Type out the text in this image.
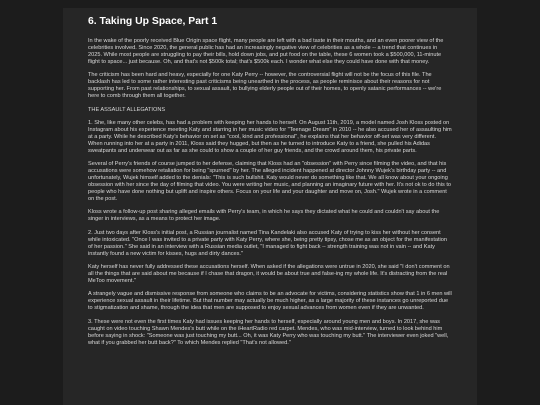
6. Taking Up Space, Part 1

In the wake of the poorly received Blue Origin space flight, many people are left with a bad taste in their mouths, and an even poorer view of the celebrities involved. Since 2020, the general public has had an increasingly negative view of celebrities as a whole -- a trend that continues in 2025. While most people are struggling to pay their bills, hold down jobs, and put food on the table, these 6 women took a $500,000, 11-minute flight to space... just because. Oh, and that's not $500k total; that's $500k each. I wonder what else they could have done with that money.

The criticism has been hard and heavy, especially for one Katy Perry -- however, the controversial flight will not be the focus of this file. The backlash has led to some rather interesting past criticisms being unearthed in the process, as people reminisce about their reasons for not supporting her. From past relationships, to sexual assault, to bullying elderly people out of their homes, to openly satanic performances -- we're here to comb through them all together.

THE ASSAULT ALLEGATIONS

1. She, like many other celebs, has had a problem with keeping her hands to herself. On August 11th, 2019, a model named Josh Kloss posted on Instagram about his experience meeting Katy and starring in her music video for "Teenage Dream" in 2010 -- he also accused her of assaulting him at a party. While he described Katy's behavior on set as "cool, kind and professional", he explains that her behavior off-set was very different. When running into her at a party in 2011, Kloss said they hugged, but then as he turned to introduce Katy to a friend, she pulled his Adidas sweatpants and underwear out as far as she could to show a couple of her guy friends, and the crowd around them, his private parts.

Several of Perry's friends of course jumped to her defense, claiming that Kloss had an "obsession" with Perry since filming the video, and that his accusations were somehow retaliation for being "spurned" by her. The alleged incident happened at director Johnny Wujek's birthday party -- and unfortunately, Wujek himself added to the denials: "This is such bullshit. Katy would never do something like that. We all know about your ongoing obsession with her since the day of filming that video. You were writing her music, and planning an imaginary future with her. It's not ok to do this to people who have done nothing but uplift and inspire others. Focus on your life and your daughter and move on, Josh." Wujek wrote in a comment on the post.

Kloss wrote a follow-up post sharing alleged emails with Perry's team, in which he says they dictated what he could and couldn't say about the singer in interviews, as a means to protect her image.

2. Just two days after Kloss's initial post, a Russian journalist named Tina Kandelaki also accused Katy of trying to kiss her without her consent while intoxicated. "Once I was invited to a private party with Katy Perry, where she, being pretty tipsy, chose me as an object for the manifestation of her passion." She said in an interview with a Russian media outlet, "I managed to fight back -- strength training was not in vain -- and Katy instantly found a new victim for kisses, hugs and dirty dances."

Katy herself has never fully addressed these accusations herself. When asked if the allegations were untrue in 2020, she said "I don't comment on all the things that are said about me because if I chase that dragon, it would be about true and false-ing my whole life. It's distracting from the real MeToo movement."

A strangely vague and dismissive response from someone who claims to be an advocate for victims, considering statistics show that 1 in 6 men will experience sexual assault in their lifetime. But that number may actually be much higher, as a large majority of these instances go unreported due to stigmatization and shame, through the idea that men are supposed to enjoy sexual advances from women even if they are unwanted.

3. These were not even the first times Katy had issues keeping her hands to herself, especially around young men and boys. In 2017, she was caught on video touching Shawn Mendes's butt while on the iHeartRadio red carpet. Mendes, who was mid-interview, turned to look behind him before saying in shock: "Someone was just touching my butt... Oh, it was Katy Perry who was touching my butt." The interviewer even joked "well, what if you grabbed her butt back?" To which Mendes replied "That's not allowed."
